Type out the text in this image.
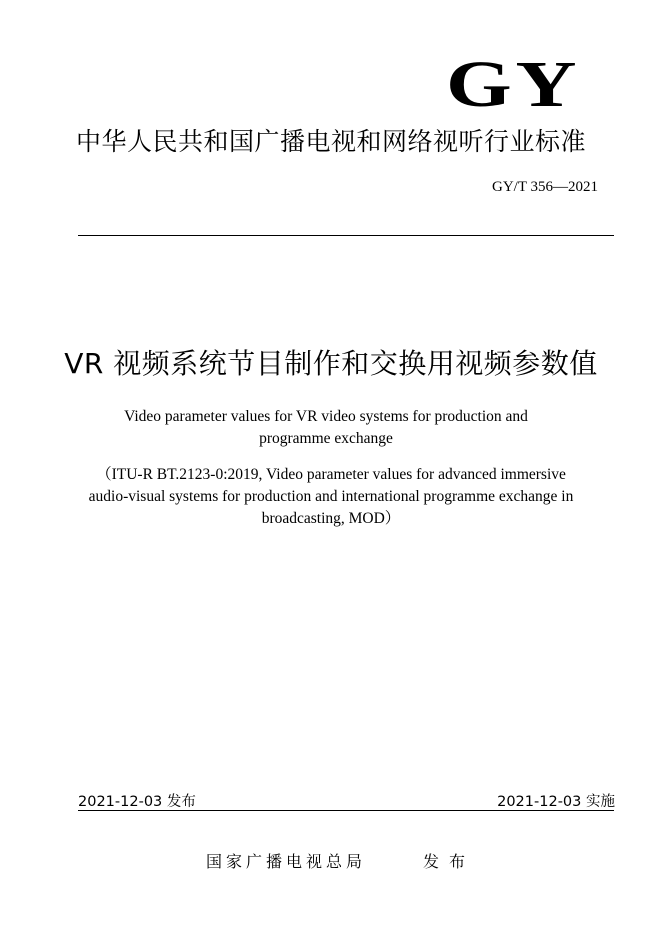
GY
中华人民共和国广播电视和网络视听行业标准
GY/T 356—2021
VR 视频系统节目制作和交换用视频参数值
Video parameter values for VR video systems for production and
programme exchange
（ITU-R BT.2123-0:2019, Video parameter values for advanced immersive
audio-visual systems for production and international programme exchange in
broadcasting, MOD）
2021-12-03 发布	2021-12-03 实施
国家广播电视总局	发布
